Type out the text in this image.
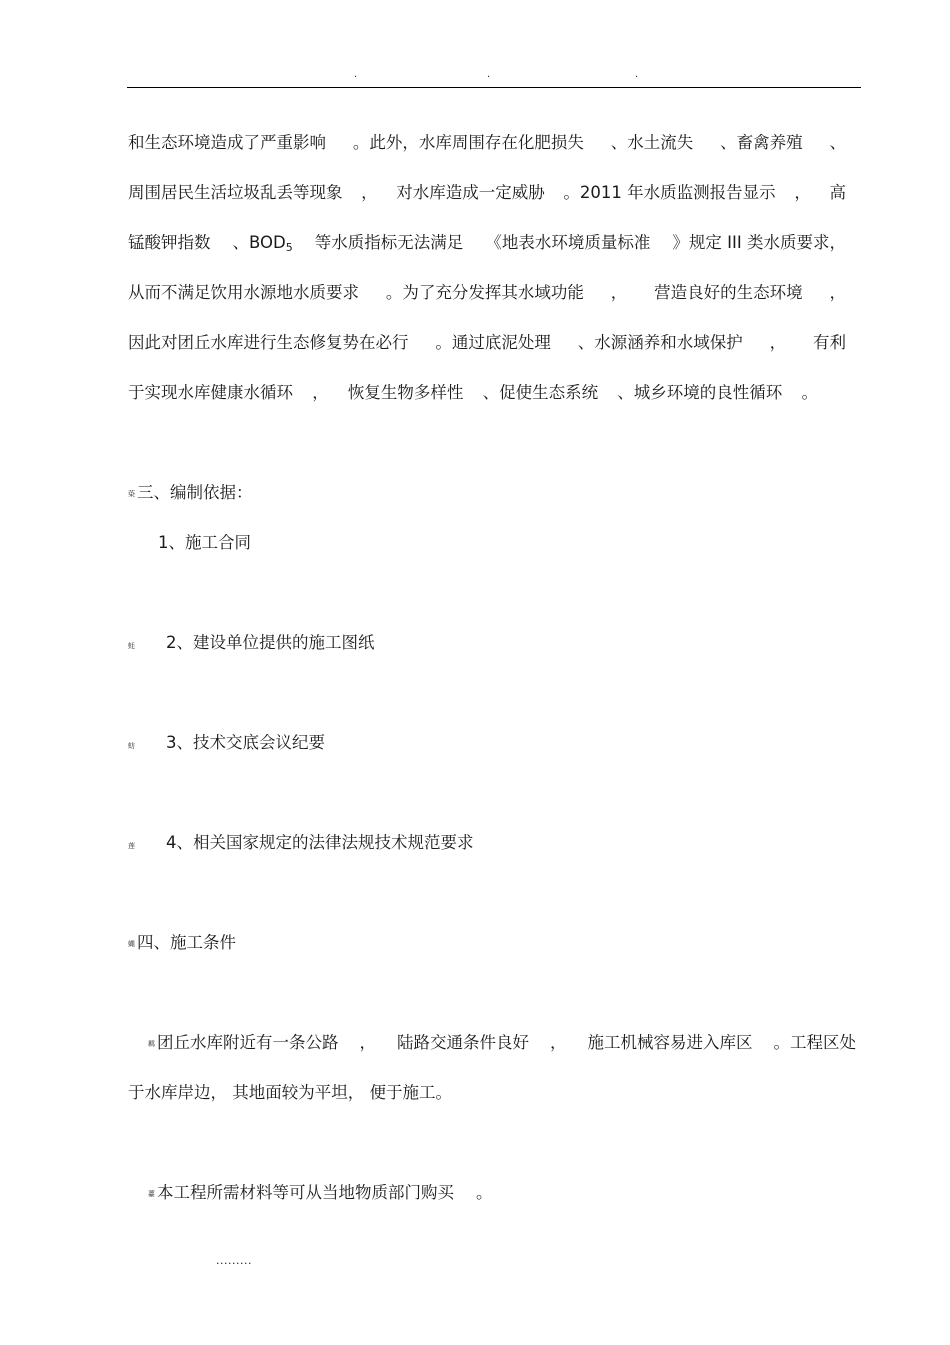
.	.	.
和生态环境造成了严重影响 。此外，水库周围存在化肥损失 、水土流失 、畜禽养殖 、
周围居民生活垃圾乱丢等现象 ， 对水库造成一定威胁 。2011 年水质监测报告显示 ， 高
锰酸钾指数 、$BOD_5$ 等水质指标无法满足 《地表水环境质量标准 》规定 III 类水质要求，
从而不满足饮用水源地水质要求 。为了充分发挥其水域功能 ， 营造良好的生态环境 ，
因此对团丘水库进行生态修复势在必行 。通过底泥处理 、水源涵养和水域保护 ， 有利
于实现水库健康水循环 ， 恢复生物多样性 、促使生态系统 、城乡环境的良性循环 。
蒅 三、编制依据：
1、施工合同
蚝 2、建设单位提供的施工图纸
蚄 3、技术交底会议纪要
莲 4、相关国家规定的法律法规技术规范要求
蝿 四、施工条件
羁 团丘水库附近有一条公路 ， 陆路交通条件良好 ， 施工机械容易进入库区 。工程区处
于水库岸边， 其地面较为平坦， 便于施工。
薹 本工程所需材料等可从当地物质部门购买 。
.........
